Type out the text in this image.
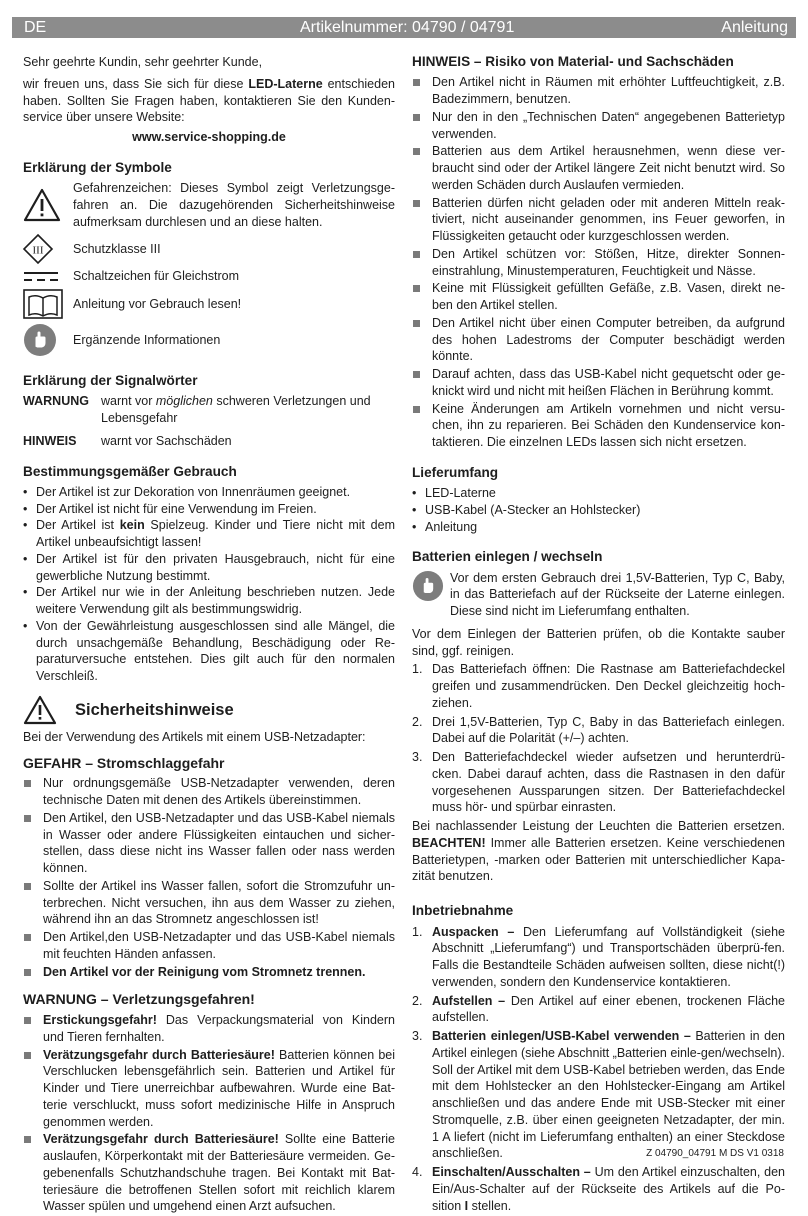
DE	Artikelnummer: 04790 / 04791	Anleitung

Sehr geehrte Kundin, sehr geehrter Kunde,

wir freuen uns, dass Sie sich für diese LED-Laterne entschieden haben. Sollten Sie Fragen haben, kontaktieren Sie den Kunden-service über unsere Website:

www.service-shopping.de

Erklärung der Symbole
Gefahrenzeichen: Dieses Symbol zeigt Verletzungsge-fahren an. Die dazugehörenden Sicherheitshinweise aufmerksam durchlesen und an diese halten.
III Schutzklasse III
Schaltzeichen für Gleichstrom
Anleitung vor Gebrauch lesen!
Ergänzende Informationen
Erklärung der Signalwörter
WARNUNG warnt vor möglichen schweren Verletzungen und Lebensgefahr
HINWEIS	warnt vor Sachschäden
Bestimmungsgemäßer Gebrauch
• Der Artikel ist zur Dekoration von Innenräumen geeignet.
• Der Artikel ist nicht für eine Verwendung im Freien.
• Der Artikel ist kein Spielzeug. Kinder und Tiere nicht mit dem Artikel unbeaufsichtigt lassen!
• Der Artikel ist für den privaten Hausgebrauch, nicht für eine gewerbliche Nutzung bestimmt.
• Der Artikel nur wie in der Anleitung beschrieben nutzen. Jede weitere Verwendung gilt als bestimmungswidrig.
• Von der Gewährleistung ausgeschlossen sind alle Mängel, die durch unsachgemäße Behandlung, Beschädigung oder Re-paraturversuche entstehen. Dies gilt auch für den normalen Verschleiß.
Sicherheitshinweise

Bei der Verwendung des Artikels mit einem USB-Netzadapter:

GEFAHR – Stromschlaggefahr
Nur ordnungsgemäße USB-Netzadapter verwenden, deren technische Daten mit denen des Artikels übereinstimmen.
Den Artikel, den USB-Netzadapter und das USB-Kabel niemals in Wasser oder andere Flüssigkeiten eintauchen und sicher-stellen, dass diese nicht ins Wasser fallen oder nass werden können.
Sollte der Artikel ins Wasser fallen, sofort die Stromzufuhr un-terbrechen. Nicht versuchen, ihn aus dem Wasser zu ziehen, während ihn an das Stromnetz angeschlossen ist!
Den Artikel,den USB-Netzadapter und das USB-Kabel niemals mit feuchten Händen anfassen.
Den Artikel vor der Reinigung vom Stromnetz trennen.
WARNUNG – Verletzungsgefahren!
Erstickungsgefahr! Das Verpackungsmaterial von Kindern und Tieren fernhalten.
Verätzungsgefahr durch Batteriesäure! Batterien können bei Verschlucken lebensgefährlich sein. Batterien und Artikel für Kinder und Tiere unerreichbar aufbewahren. Wurde eine Bat-terie verschluckt, muss sofort medizinische Hilfe in Anspruch genommen werden.
Verätzungsgefahr durch Batteriesäure! Sollte eine Batterie auslaufen, Körperkontakt mit der Batteriesäure vermeiden. Ge-gebenenfalls Schutzhandschuhe tragen. Bei Kontakt mit Bat-teriesäure die betroffenen Stellen sofort mit reichlich klarem Wasser spülen und umgehend einen Arzt aufsuchen.
HINWEIS – Risiko von Material- und Sachschäden
Den Artikel nicht in Räumen mit erhöhter Luftfeuchtigkeit, z.B. Badezimmern, benutzen.
Nur den in den „Technischen Daten“ angegebenen Batterietyp verwenden.
Batterien aus dem Artikel herausnehmen, wenn diese ver-braucht sind oder der Artikel längere Zeit nicht benutzt wird. So werden Schäden durch Auslaufen vermieden.
Batterien dürfen nicht geladen oder mit anderen Mitteln reak-tiviert, nicht auseinander genommen, ins Feuer geworfen, in Flüssigkeiten getaucht oder kurzgeschlossen werden.
Den Artikel schützen vor: Stößen, Hitze, direkter Sonnen-einstrahlung, Minustemperaturen, Feuchtigkeit und Nässe.
Keine mit Flüssigkeit gefüllten Gefäße, z.B. Vasen, direkt ne-ben den Artikel stellen.
Den Artikel nicht über einen Computer betreiben, da aufgrund des hohen Ladestroms der Computer beschädigt werden könnte.
Darauf achten, dass das USB-Kabel nicht gequetscht oder ge-knickt wird und nicht mit heißen Flächen in Berührung kommt.
Keine Änderungen am Artikeln vornehmen und nicht versu-chen, ihn zu reparieren. Bei Schäden den Kundenservice kon-taktieren. Die einzelnen LEDs lassen sich nicht ersetzen.
Lieferumfang
• LED-Laterne
• USB-Kabel (A-Stecker an Hohlstecker)
• Anleitung
Batterien einlegen / wechseln

Vor dem ersten Gebrauch drei 1,5V-Batterien, Typ C, Baby, in das Batteriefach auf der Rückseite der Laterne einlegen. Diese sind nicht im Lieferumfang enthalten.

Vor dem Einlegen der Batterien prüfen, ob die Kontakte sauber sind, ggf. reinigen.

1. Das Batteriefach öffnen: Die Rastnase am Batteriefachdeckel greifen und zusammendrücken. Den Deckel gleichzeitig hoch-ziehen.
2. Drei 1,5V-Batterien, Typ C, Baby in das Batteriefach einlegen. Dabei auf die Polarität (+/–) achten.
3. Den Batteriefachdeckel wieder aufsetzen und herunterdrü-cken. Dabei darauf achten, dass die Rastnasen in den dafür vorgesehenen Aussparungen sitzen. Der Batteriefachdeckel muss hör- und spürbar einrasten.

Bei nachlassender Leistung der Leuchten die Batterien ersetzen. BEACHTEN! Immer alle Batterien ersetzen. Keine verschiedenen Batterietypen, -marken oder Batterien mit unterschiedlicher Kapa-zität benutzen.

Inbetriebnahme
1. Auspacken – Den Lieferumfang auf Vollständigkeit (siehe Abschnitt „Lieferumfang“) und Transportschäden überprü-fen. Falls die Bestandteile Schäden aufweisen sollten, diese nicht(!) verwenden, sondern den Kundenservice kontaktieren.
2. Aufstellen – Den Artikel auf einer ebenen, trockenen Fläche aufstellen.
3. Batterien einlegen/USB-Kabel verwenden – Batterien in den Artikel einlegen (siehe Abschnitt „Batterien einle-gen/wechseln).
Soll der Artikel mit dem USB-Kabel betrieben werden, das Ende mit dem Hohlstecker an den Hohlstecker-Eingang am Artikel anschließen und das andere Ende mit USB-Stecker mit einer Stromquelle, z.B. über einen geeigneten Netzadapter, der min. 1 A liefert (nicht im Lieferumfang enthalten) an einer Steckdose anschließen.
4. Einschalten/Ausschalten – Um den Artikel einzuschalten, den Ein/Aus-Schalter auf der Rückseite des Artikels auf die Po-sition I stellen.
Z 04790_04791 M DS V1 0318
